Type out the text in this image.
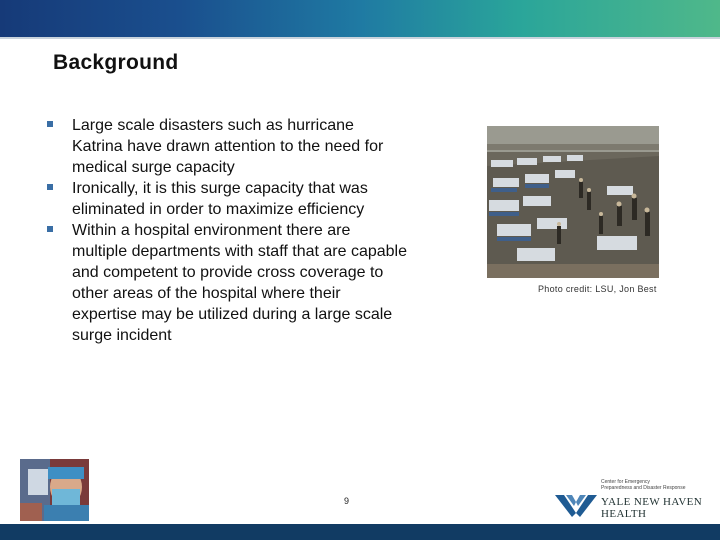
Background
Large scale disasters such as hurricane Katrina have drawn attention to the need for medical surge capacity
Ironically, it is this surge capacity that was eliminated in order to maximize efficiency
Within a hospital environment there are multiple departments with staff that are capable and competent to provide cross coverage to other areas of the hospital where their expertise may be utilized during a large scale surge incident
Photo credit: LSU, Jon Best
9
Center for Emergency
Preparedness and Disaster Response
YALE NEW HAVEN
HEALTH
